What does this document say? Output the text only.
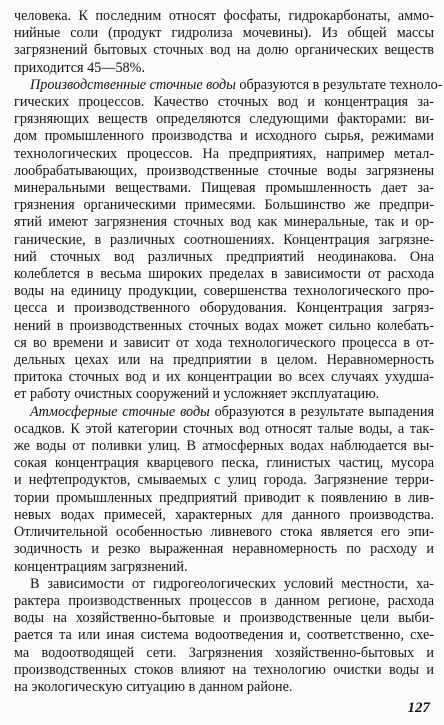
человека. К последним относят фосфаты, гидрокарбонаты, аммо-
нийные соли (продукт гидролиза мочевины). Из общей массы
загрязнений бытовых сточных вод на долю органических веществ
приходится 45—58%.
Производственные сточные воды образуются в результате техноло-
гических процессов. Качество сточных вод и концентрация за-
грязняющих веществ определяются следующими факторами: ви-
дом промышленного производства и исходного сырья, режимами
технологических процессов. На предприятиях, например метал-
лообрабатывающих, производственные сточные воды загрязнены
минеральными веществами. Пищевая промышленность дает за-
грязнения органическими примесями. Большинство же предпри-
ятий имеют загрязнения сточных вод как минеральные, так и ор-
ганические, в различных соотношениях. Концентрация загрязне-
ний сточных вод различных предприятий неодинакова. Она
колеблется в весьма широких пределах в зависимости от расхода
воды на единицу продукции, совершенства технологического про-
цесса и производственного оборудования. Концентрация загряз-
нений в производственных сточных водах может сильно колебать-
ся во времени и зависит от хода технологического процесса в от-
дельных цехах или на предприятии в целом. Неравномерность
притока сточных вод и их концентрации во всех случаях ухудша-
ет работу очистных сооружений и усложняет эксплуатацию.
Атмосферные сточные воды образуются в результате выпадения
осадков. К этой категории сточных вод относят талые воды, а так-
же воды от поливки улиц. В атмосферных водах наблюдается вы-
сокая концентрация кварцевого песка, глинистых частиц, мусора
и нефтепродуктов, смываемых с улиц города. Загрязнение терри-
тории промышленных предприятий приводит к появлению в лив-
невых водах примесей, характерных для данного производства.
Отличительной особенностью ливневого стока является его эпи-
зодичность и резко выраженная неравномерность по расходу и
концентрациям загрязнений.
В зависимости от гидрогеологических условий местности, ха-
рактера производственных процессов в данном регионе, расхода
воды на хозяйственно-бытовые и производственные цели выби-
рается та или иная система водоотведения и, соответственно, схе-
ма водоотводящей сети. Загрязнения хозяйственно-бытовых и
производственных стоков влияют на технологию очистки воды и
на экологическую ситуацию в данном районе.
127
